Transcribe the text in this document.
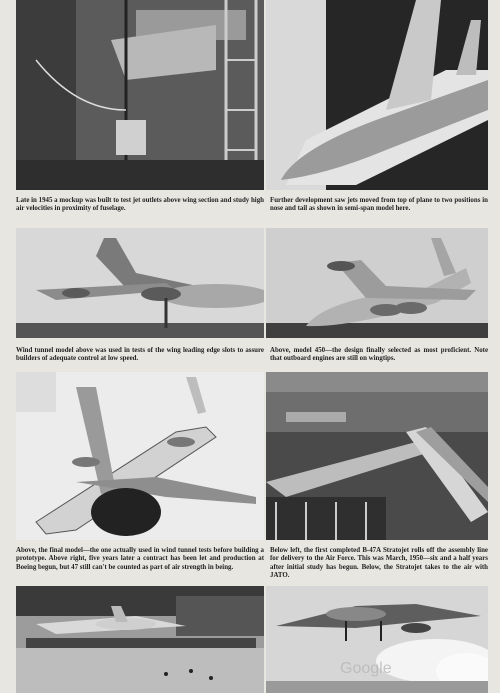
Late in 1945 a mockup was built to test jet outlets above wing section and study high air velocities in proximity of fuselage.

Further development saw jets moved from top of plane to two positions in nose and tail as shown in semi-span model here.

Wind tunnel model above was used in tests of the wing leading edge slots to assure builders of adequate control at low speed.

Above, model 450—the design finally selected as most proficient. Note that outboard engines are still on wingtips.

Above, the final model—the one actually used in wind tunnel tests before building a prototype. Above right, five years later a contract has been let and production at Boeing begun, but 47 still can't be counted as part of air strength in being.

Below left, the first completed B-47A Stratojet rolls off the assembly line for delivery to the Air Force. This was March, 1950—six and a half years after initial study has begun. Below, the Stratojet takes to the air with JATO.

Google
